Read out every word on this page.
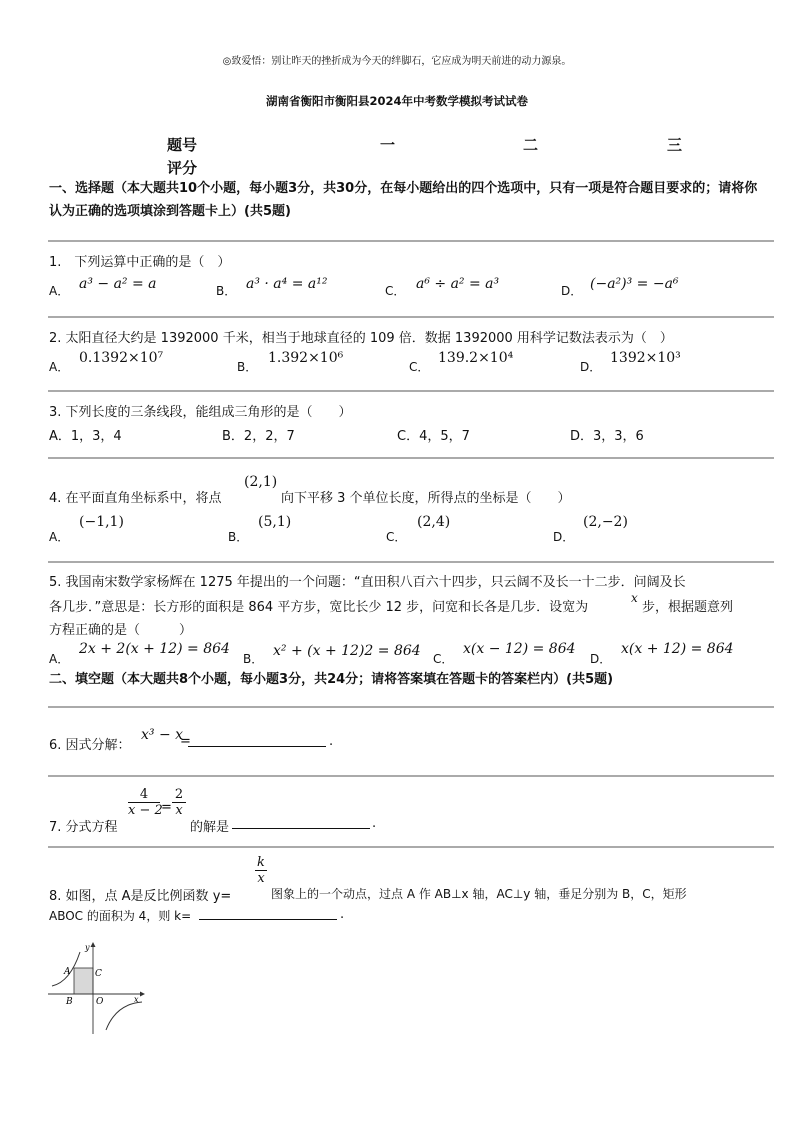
◎致爱悟：别让昨天的挫折成为今天的绊脚石，它应成为明天前进的动力源泉。
湖南省衡阳市衡阳县2024年中考数学模拟考试试卷
题号	一	二	三
评分
一、选择题（本大题共10个小题，每小题3分，共30分，在每小题给出的四个选项中，只有一项是符合题目要求的；请将你认为正确的选项填涂到答题卡上）(共5题)
1.　下列运算中正确的是（　）
A． a³ − a² = a	B． a³ · a⁴ = a¹²	C． a⁶ ÷ a² = a³	D． (−a²)³ = −a⁶
2. 太阳直径大约是 1392000 千米，相当于地球直径的 109 倍．数据 1392000 用科学记数法表示为（　）
A．
0.1392×10⁷
B．
1.392×10⁶
C．
139.2×10⁴
D．
1392×10³
3. 下列长度的三条线段，能组成三角形的是（　　）
A．1，3，4	B．2，2，7	C．4，5，7	D．3，3，6
4. 在平面直角坐标系中，将点
(2,1)
向下平移 3 个单位长度，所得点的坐标是（　　）
A．
(−1,1)
B．
(5,1)
C．
(2,4)
D．
(2,−2)
5. 我国南宋数学家杨辉在 1275 年提出的一个问题：“直田积八百六十四步，只云阔不及长一十二步．问阔及长
各几步．”意思是：长方形的面积是 864 平方步，宽比长少 12 步，问宽和长各是几步．设宽为
x
步，根据题意列
方程正确的是（　　　）
A．
2x + 2(x + 12) = 864
B． x² + (x + 12)2 = 864 C．
x(x − 12) = 864
D．
x(x + 12) = 864
二、填空题（本大题共8个小题，每小题3分，共24分；请将答案填在答题卡的答案栏内）(共5题)
6. 因式分解：
x³ − x
=	.
7. 分式方程
$\frac{4}{x - 2} = \frac{2}{x}$
的解是	.
8. 如图，点 A是反比例函数 y=
$\frac{k}{x}$
图象上的一个动点，过点 A 作 AB⊥x 轴，AC⊥y 轴，垂足分别为 B，C，矩形
ABOC 的面积为 4，则 k=	.
y
x
A	C
B	O
